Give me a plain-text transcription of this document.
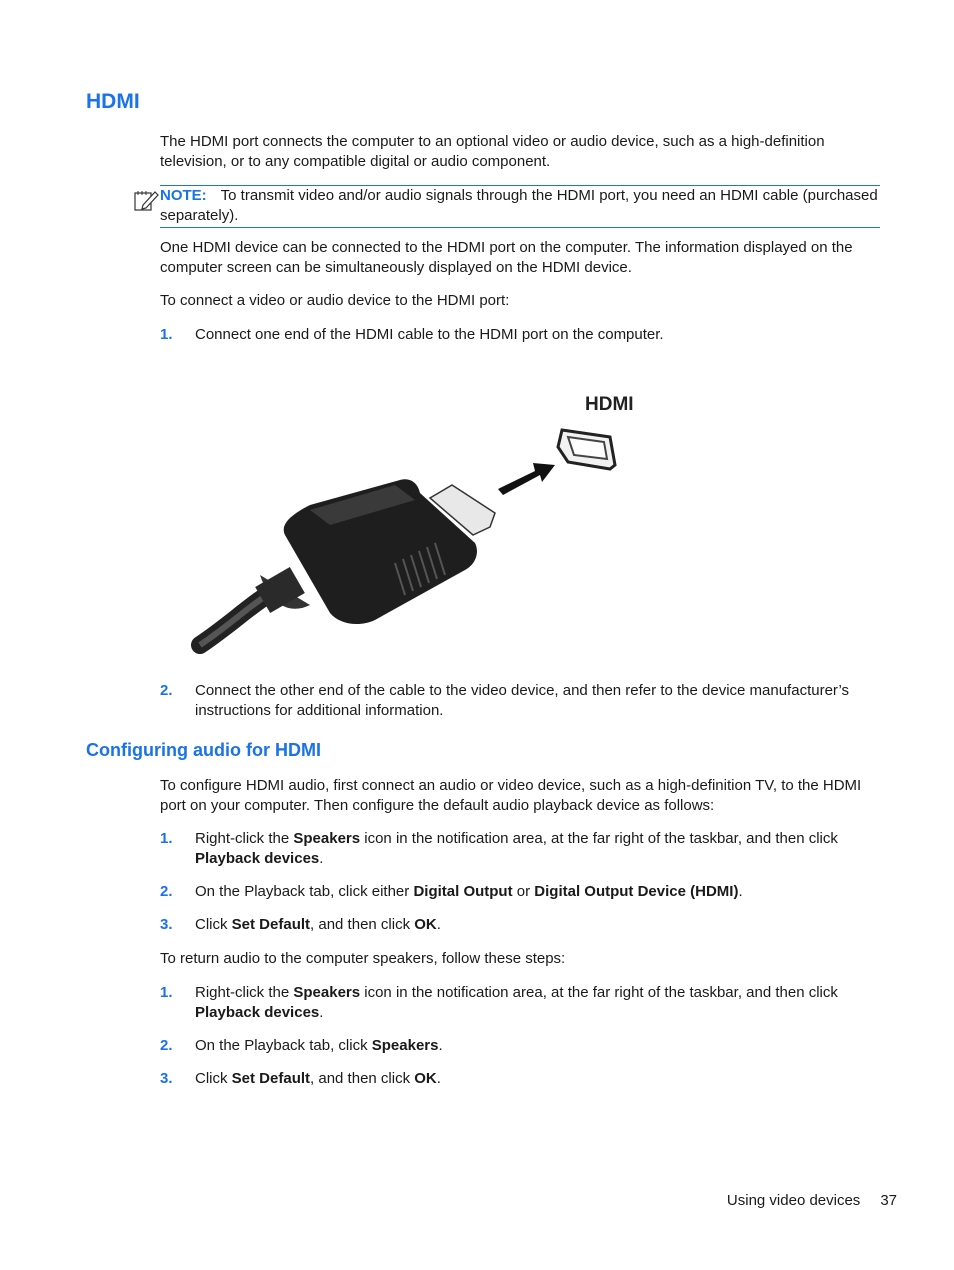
HDMI

The HDMI port connects the computer to an optional video or audio device, such as a high-definition television, or to any compatible digital or audio component.

NOTE: To transmit video and/or audio signals through the HDMI port, you need an HDMI cable (purchased separately).

One HDMI device can be connected to the HDMI port on the computer. The information displayed on the computer screen can be simultaneously displayed on the HDMI device.

To connect a video or audio device to the HDMI port:

1. Connect one end of the HDMI cable to the HDMI port on the computer.
HDMI
2. Connect the other end of the cable to the video device, and then refer to the device manufacturer’s instructions for additional information.
Configuring audio for HDMI

To configure HDMI audio, first connect an audio or video device, such as a high-definition TV, to the HDMI port on your computer. Then configure the default audio playback device as follows:

1. Right-click the Speakers icon in the notification area, at the far right of the taskbar, and then click Playback devices.
2. On the Playback tab, click either Digital Output or Digital Output Device (HDMI).
3. Click Set Default, and then click OK.

To return audio to the computer speakers, follow these steps:

1. Right-click the Speakers icon in the notification area, at the far right of the taskbar, and then click Playback devices.
2. On the Playback tab, click Speakers.
3. Click Set Default, and then click OK.
Using video devices 37
